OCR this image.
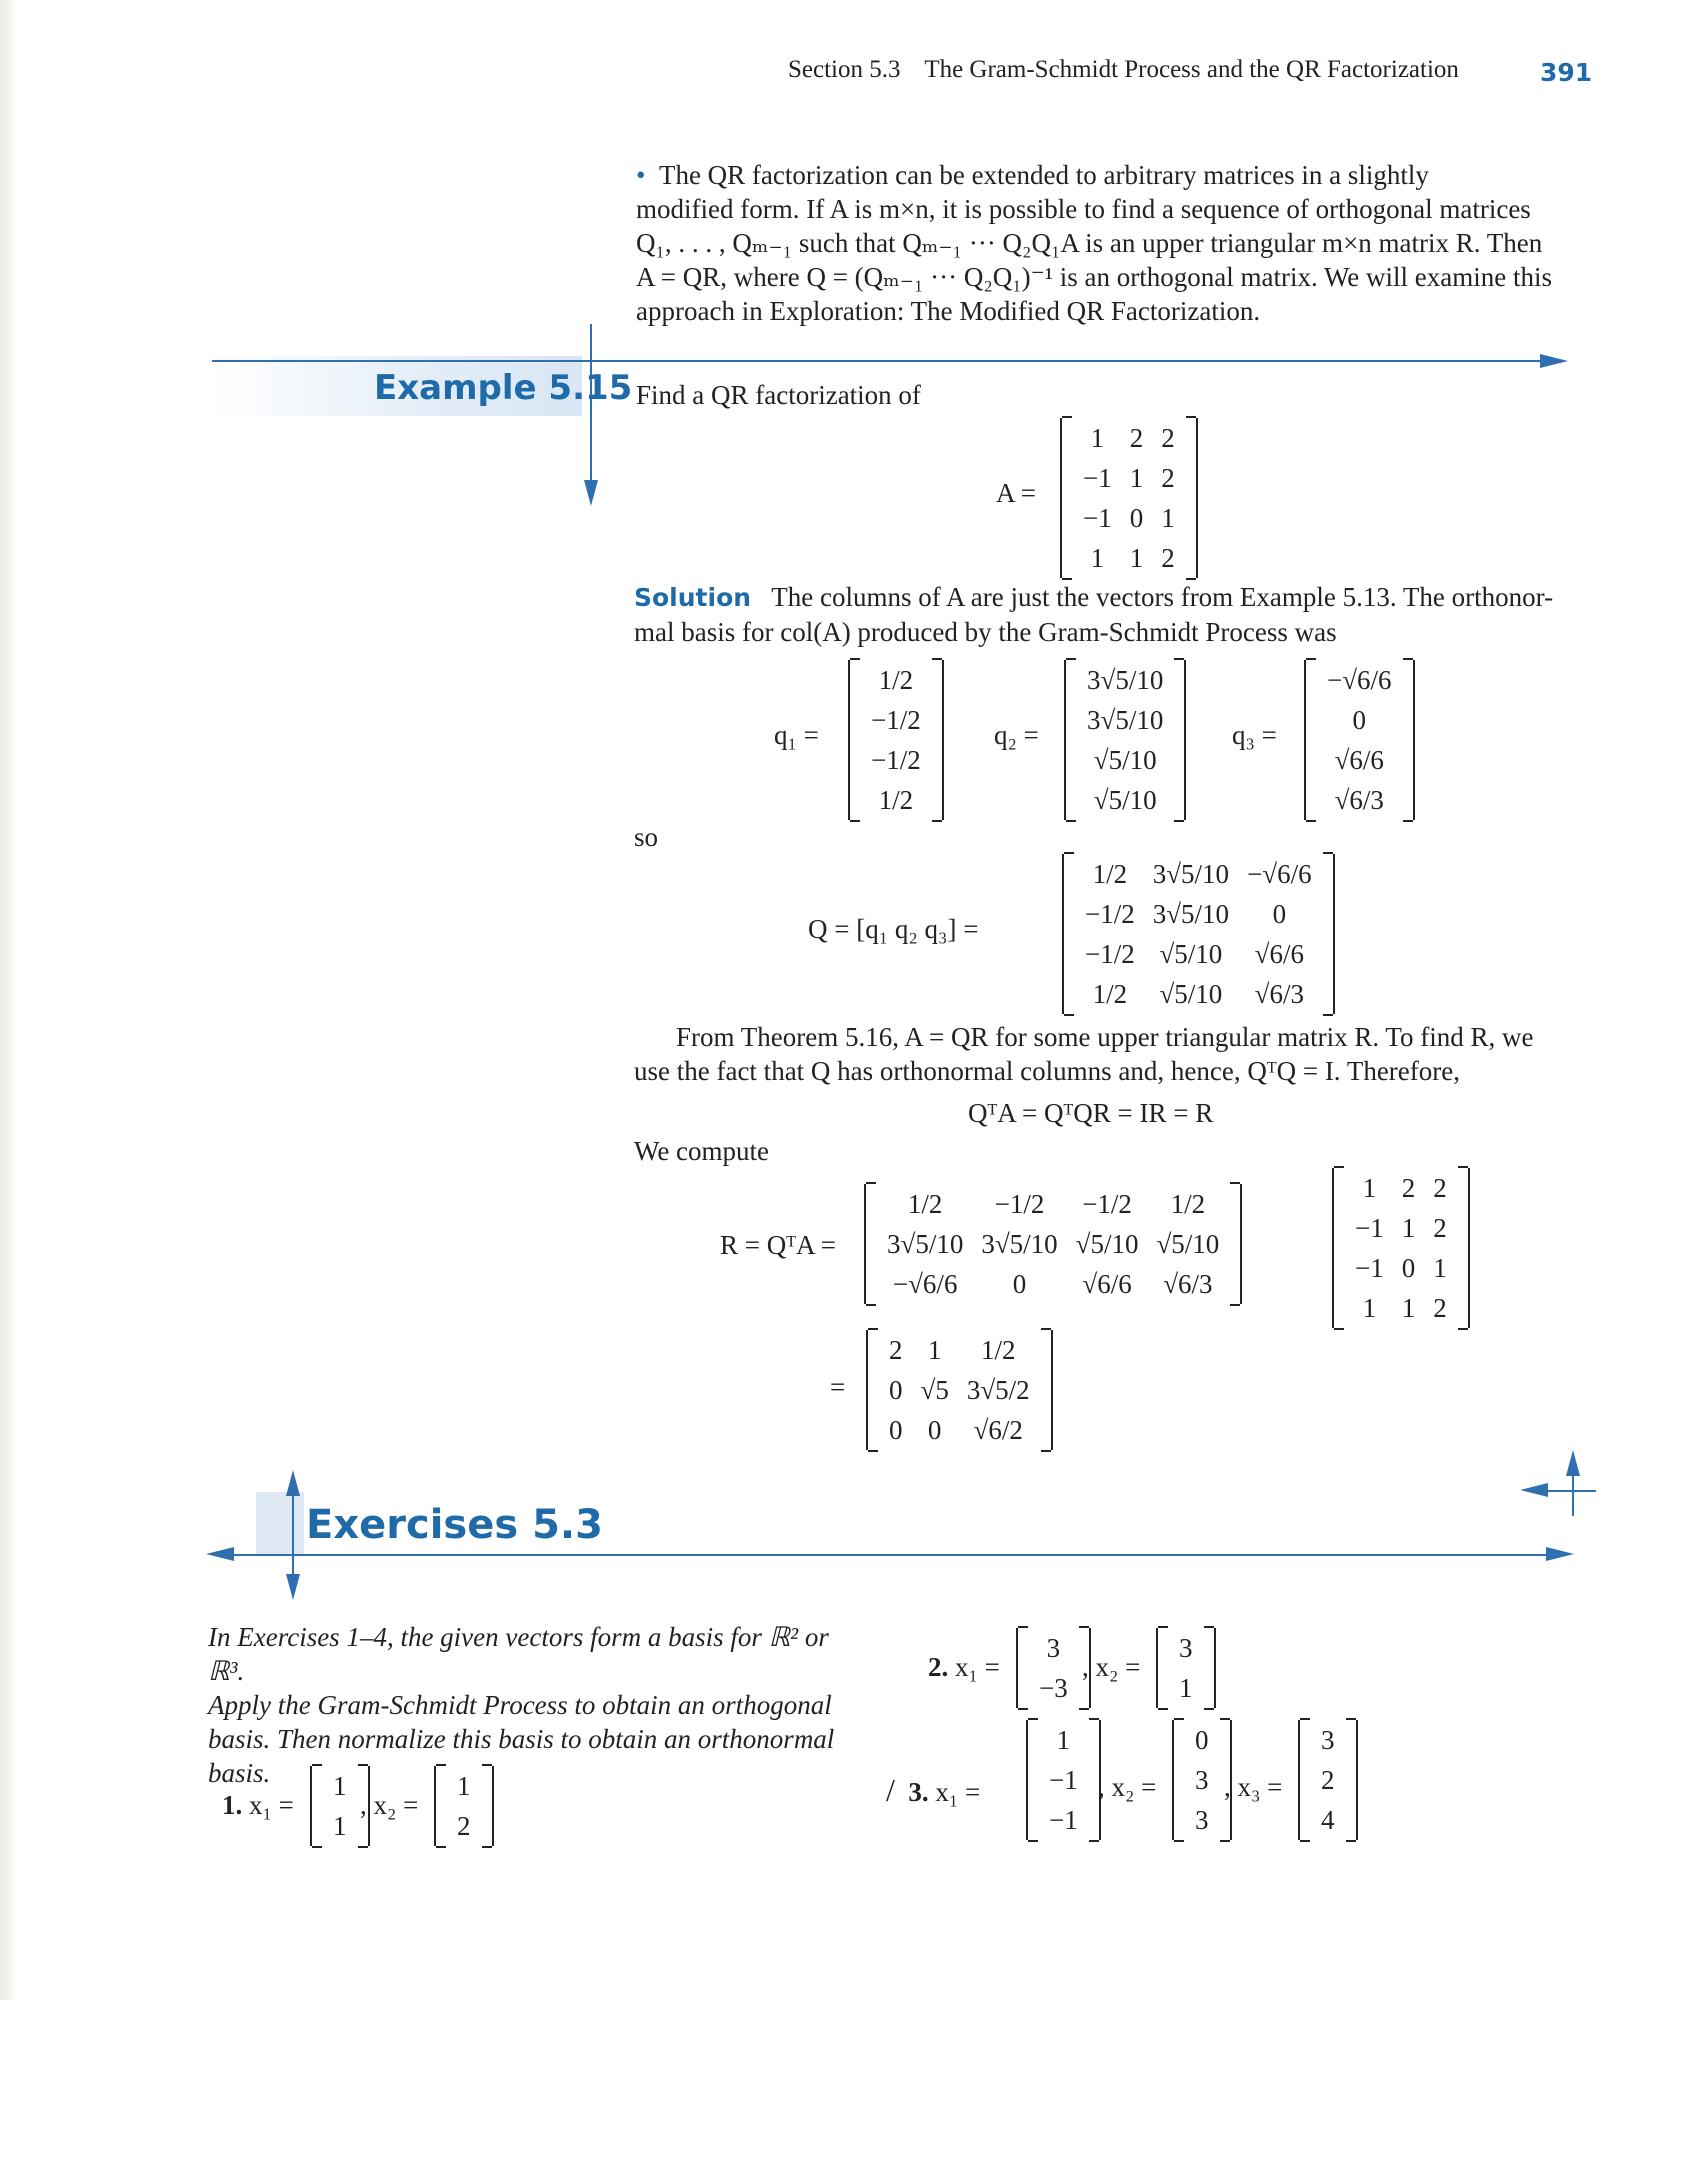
Section 5.3 The Gram-Schmidt Process and the QR Factorization	391
•  The QR factorization can be extended to arbitrary matrices in a slightly
modified form. If A is m×n, it is possible to find a sequence of orthogonal matrices
Q₁, . . . , Qₘ₋₁ such that Qₘ₋₁ ··· Q₂Q₁A is an upper triangular m×n matrix R. Then
A = QR, where Q = (Qₘ₋₁ ··· Q₂Q₁)⁻¹ is an orthogonal matrix. We will examine this
approach in Exploration: The Modified QR Factorization.
Example 5.15 Find a QR factorization of
A =
1	2	2
−1	1	2
−1	0	1
1	1	2
Solution The columns of A are just the vectors from Example 5.13. The orthonor-
mal basis for col(A) produced by the Gram-Schmidt Process was
q₁ =
1/2
−1/2
−1/2
1/2
q₂ =
3√5/10
3√5/10
√5/10
√5/10
q₃ =
−√6/6
0
√6/6
√6/3
so
Q = [q₁ q₂ q₃] =
1/2	3√5/10	−√6/6
−1/2	3√5/10	0
−1/2	√5/10	√6/6
1/2	√5/10	√6/3
From Theorem 5.16, A = QR for some upper triangular matrix R. To find R, we
use the fact that Q has orthonormal columns and, hence, QᵀQ = I. Therefore,
QᵀA = QᵀQR = IR = R
We compute
R = QᵀA =
1/2	−1/2	−1/2	1/2
3√5/10	3√5/10	√5/10	√5/10
−√6/6	0	√6/6	√6/3
1	2	2
−1	1	2
−1	0	1
1	1	2
=
2	1	1/2
0	√5	3√5/2
0	0	√6/2
Exercises 5.3
In Exercises 1–4, the given vectors form a basis for ℝ² or ℝ³.
Apply the Gram-Schmidt Process to obtain an orthogonal
basis. Then normalize this basis to obtain an orthonormal
basis.
1. x₁ =
1
1
, x₂ =
1
2
2. x₁ =
3
−3
, x₂ =
3
1
/ 3. x₁ =
1
−1
−1
, x₂ =
0
3
3
, x₃ =
3
2
4
